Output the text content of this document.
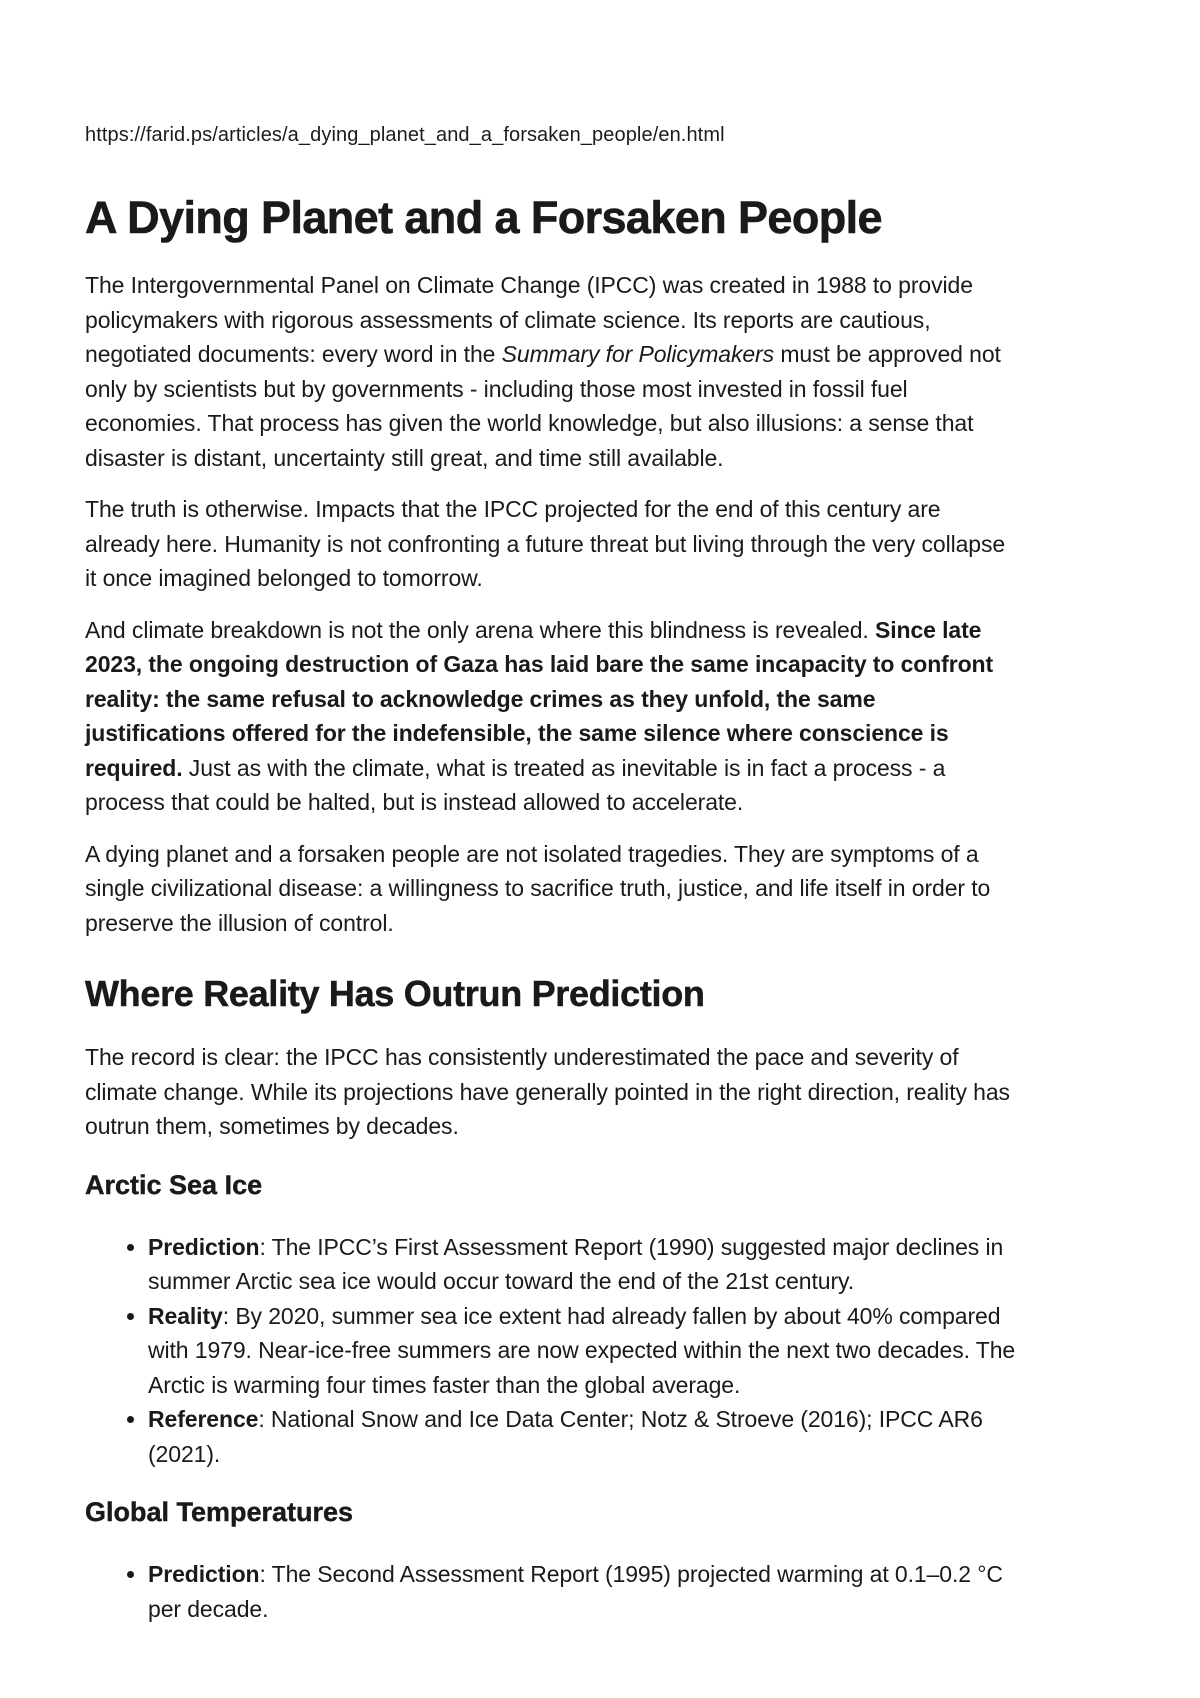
https://farid.ps/articles/a_dying_planet_and_a_forsaken_people/en.html
A Dying Planet and a Forsaken People

The Intergovernmental Panel on Climate Change (IPCC) was created in 1988 to provide policymakers with rigorous assessments of climate science. Its reports are cautious, negotiated documents: every word in the Summary for Policymakers must be approved not only by scientists but by governments - including those most invested in fossil fuel economies. That process has given the world knowledge, but also illusions: a sense that disaster is distant, uncertainty still great, and time still available.

The truth is otherwise. Impacts that the IPCC projected for the end of this century are already here. Humanity is not confronting a future threat but living through the very collapse it once imagined belonged to tomorrow.

And climate breakdown is not the only arena where this blindness is revealed. Since late 2023, the ongoing destruction of Gaza has laid bare the same incapacity to confront reality: the same refusal to acknowledge crimes as they unfold, the same justifications offered for the indefensible, the same silence where conscience is required. Just as with the climate, what is treated as inevitable is in fact a process - a process that could be halted, but is instead allowed to accelerate.

A dying planet and a forsaken people are not isolated tragedies. They are symptoms of a single civilizational disease: a willingness to sacrifice truth, justice, and life itself in order to preserve the illusion of control.

Where Reality Has Outrun Prediction

The record is clear: the IPCC has consistently underestimated the pace and severity of climate change. While its projections have generally pointed in the right direction, reality has outrun them, sometimes by decades.

Arctic Sea Ice
• Prediction: The IPCC’s First Assessment Report (1990) suggested major declines in summer Arctic sea ice would occur toward the end of the 21st century.
• Reality: By 2020, summer sea ice extent had already fallen by about 40% compared with 1979. Near-ice-free summers are now expected within the next two decades. The Arctic is warming four times faster than the global average.
• Reference: National Snow and Ice Data Center; Notz & Stroeve (2016); IPCC AR6 (2021).
Global Temperatures
• Prediction: The Second Assessment Report (1995) projected warming at 0.1–0.2 °C per decade.
